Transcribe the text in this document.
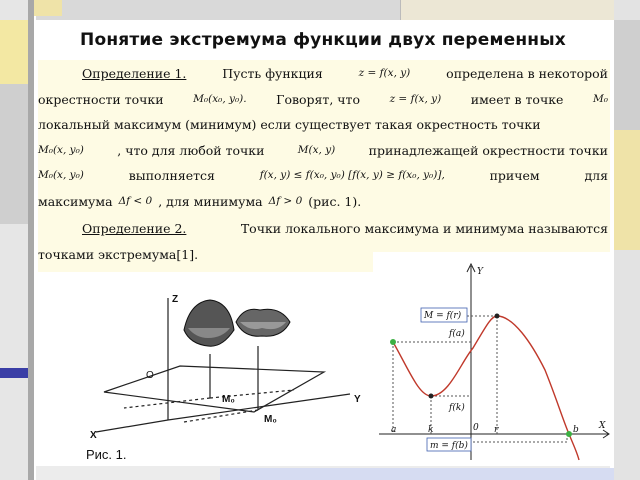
Понятие экстремума функции двух переменных
Определение 1.	Пусть функция	z = f(x, y)	определена в некоторой
окрестности точки	M₀(x₀, y₀). Говорят, что	z = f(x, y) имеет в точке	M₀
локальный максимум (минимум) если существует такая окрестность точки
M₀(x, y₀)	, что для любой точки	M(x, y)	принадлежащей окрестности точки
M₀(x, y₀)	выполняется	f(x, y) ≤ f(x₀, y₀) [f(x, y) ≥ f(x₀, y₀)],	причем	для
максимума Δf < 0 , для минимума Δf > 0 (рис. 1).
Определение 2.	Точки локального максимума и минимума называются
точками экстремума[1].
Z
Y
X
O
M₀
M₀
M = f(r)
f(a)
f(k)
m = f(b)
Y
X
a	k	0 r	b
Рис. 1.
